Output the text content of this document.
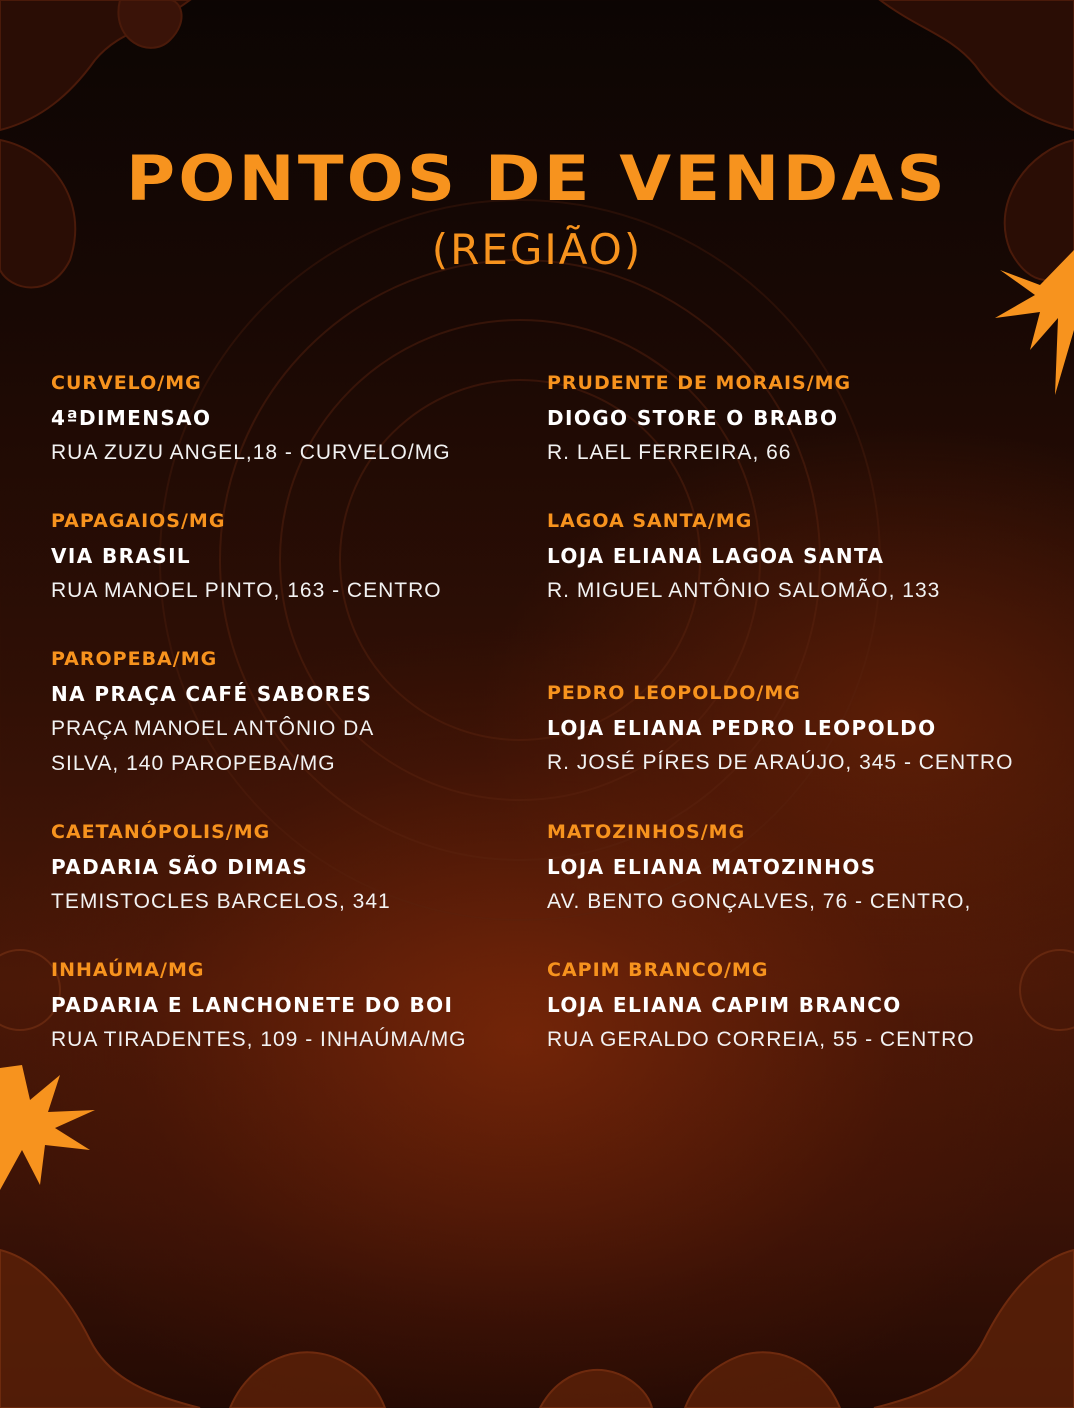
PONTOS DE VENDAS
(REGIÃO)
CURVELO/MG
4ªDIMENSAO
RUA ZUZU ANGEL,18 - CURVELO/MG
PAPAGAIOS/MG
VIA BRASIL
RUA MANOEL PINTO, 163 - CENTRO
PAROPEBA/MG
NA PRAÇA CAFÉ SABORES
PRAÇA MANOEL ANTÔNIO DA
SILVA, 140 PAROPEBA/MG
CAETANÓPOLIS/MG
PADARIA SÃO DIMAS
TEMISTOCLES BARCELOS, 341
INHAÚMA/MG
PADARIA E LANCHONETE DO BOI
RUA TIRADENTES, 109 - INHAÚMA/MG
PRUDENTE DE MORAIS/MG
DIOGO STORE O BRABO
R. LAEL FERREIRA, 66
LAGOA SANTA/MG
LOJA ELIANA LAGOA SANTA
R. MIGUEL ANTÔNIO SALOMÃO, 133
PEDRO LEOPOLDO/MG
LOJA ELIANA PEDRO LEOPOLDO
R. JOSÉ PÍRES DE ARAÚJO, 345 - CENTRO
MATOZINHOS/MG
LOJA ELIANA MATOZINHOS
AV. BENTO GONÇALVES, 76 - CENTRO,
CAPIM BRANCO/MG
LOJA ELIANA CAPIM BRANCO
RUA GERALDO CORREIA, 55 - CENTRO
